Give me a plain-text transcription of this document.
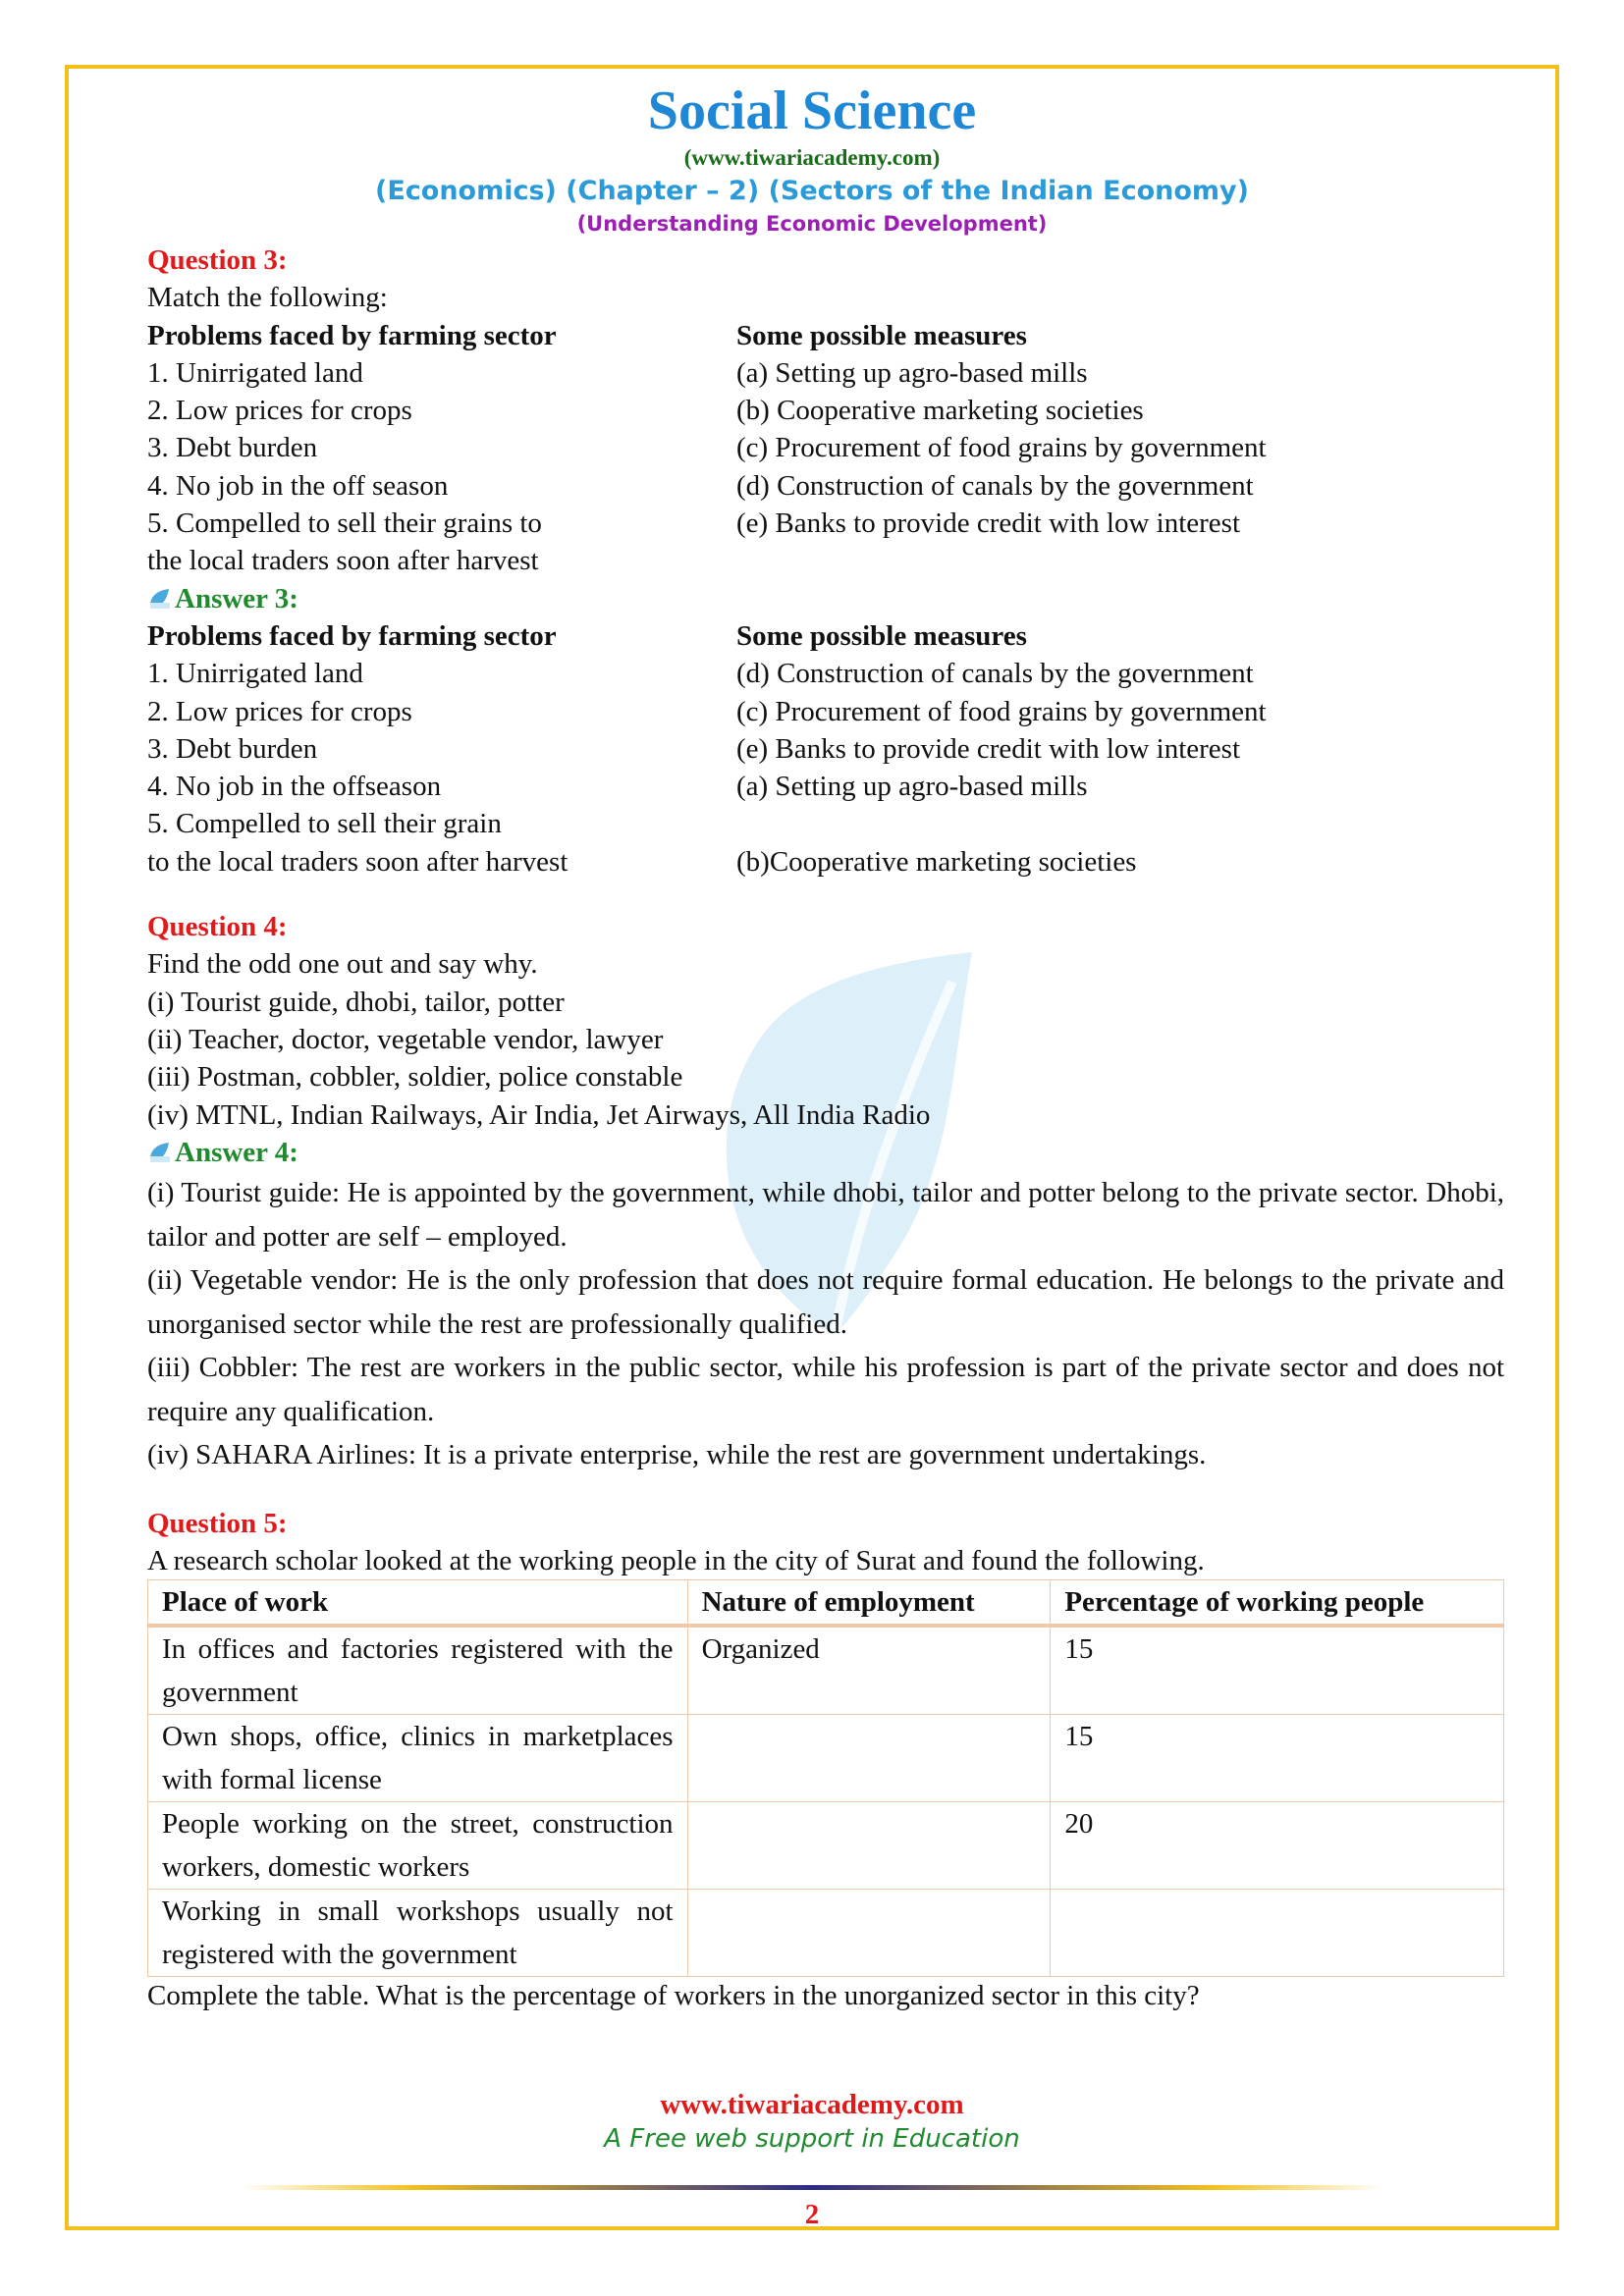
Social Science
(www.tiwariacademy.com)
(Economics) (Chapter – 2) (Sectors of the Indian Economy)
(Understanding Economic Development)
Question 3:
Match the following:
Problems faced by farming sector	Some possible measures
1. Unirrigated land	(a) Setting up agro-based mills
2. Low prices for crops	(b) Cooperative marketing societies
3. Debt burden	(c) Procurement of food grains by government
4. No job in the off season	(d) Construction of canals by the government
5. Compelled to sell their grains to	(e) Banks to provide credit with low interest
the local traders soon after harvest
Answer 3:
Problems faced by farming sector	Some possible measures
1. Unirrigated land	(d) Construction of canals by the government
2. Low prices for crops	(c) Procurement of food grains by government
3. Debt burden	(e) Banks to provide credit with low interest
4. No job in the offseason	(a) Setting up agro-based mills
5. Compelled to sell their grain
to the local traders soon after harvest	(b)Cooperative marketing societies
Question 4:
Find the odd one out and say why.
(i) Tourist guide, dhobi, tailor, potter
(ii) Teacher, doctor, vegetable vendor, lawyer
(iii) Postman, cobbler, soldier, police constable
(iv) MTNL, Indian Railways, Air India, Jet Airways, All India Radio
Answer 4:
(i) Tourist guide: He is appointed by the government, while dhobi, tailor and potter belong to the private sector. Dhobi, tailor and potter are self – employed.
(ii) Vegetable vendor: He is the only profession that does not require formal education. He belongs to the private and unorganised sector while the rest are professionally qualified.
(iii) Cobbler: The rest are workers in the public sector, while his profession is part of the private sector and does not require any qualification.
(iv) SAHARA Airlines: It is a private enterprise, while the rest are government undertakings.
Question 5:
A research scholar looked at the working people in the city of Surat and found the following.
Place of work	Nature of employment	Percentage of working people
In offices and factories registered with the government	Organized	15
Own shops, office, clinics in marketplaces with formal license		15
People working on the street, construction workers, domestic workers		20
Working in small workshops usually not registered with the government		
Complete the table. What is the percentage of workers in the unorganized sector in this city?
www.tiwariacademy.com
A Free web support in Education
2
